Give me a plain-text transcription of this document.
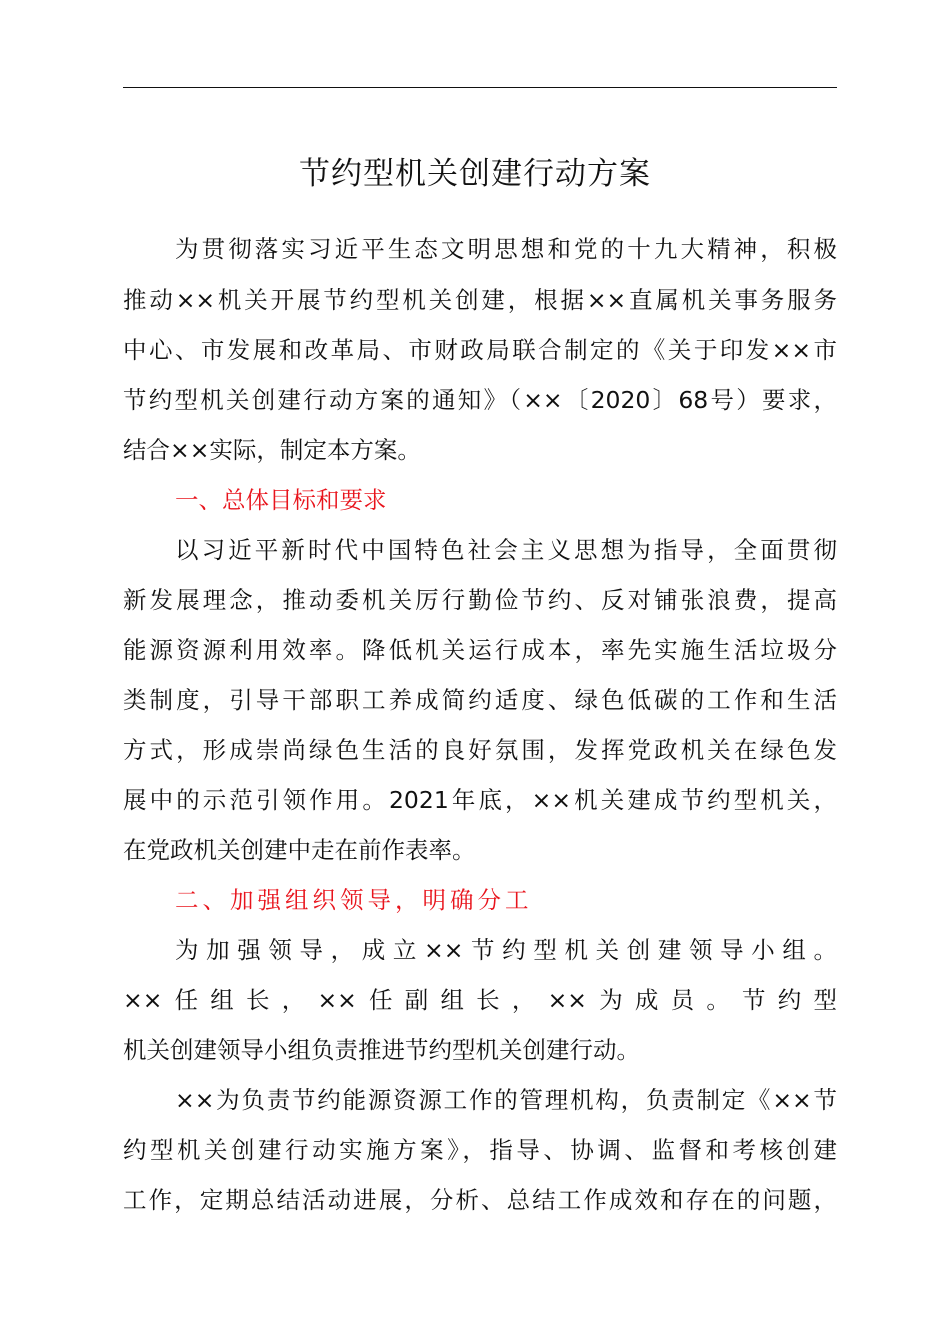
节约型机关创建行动方案
为贯彻落实习近平生态文明思想和党的十九大精神，积极
推动××机关开展节约型机关创建，根据××直属机关事务服务
中心、市发展和改革局、市财政局联合制定的《关于印发××市
节约型机关创建行动方案的通知》（××〔2020〕68号）要求，
结合××实际，制定本方案。
一、总体目标和要求
以习近平新时代中国特色社会主义思想为指导，全面贯彻
新发展理念，推动委机关厉行勤俭节约、反对铺张浪费，提高
能源资源利用效率。降低机关运行成本，率先实施生活垃圾分
类制度，引导干部职工养成简约适度、绿色低碳的工作和生活
方式，形成崇尚绿色生活的良好氛围，发挥党政机关在绿色发
展中的示范引领作用。2021年底，××机关建成节约型机关，
在党政机关创建中走在前作表率。
二、加强组织领导，明确分工
为加强领导，成立××节约型机关创建领导小组。
××任组长，××任副组长，××为成员。节约型
机关创建领导小组负责推进节约型机关创建行动。
××为负责节约能源资源工作的管理机构，负责制定《××节
约型机关创建行动实施方案》，指导、协调、监督和考核创建
工作，定期总结活动进展，分析、总结工作成效和存在的问题，
